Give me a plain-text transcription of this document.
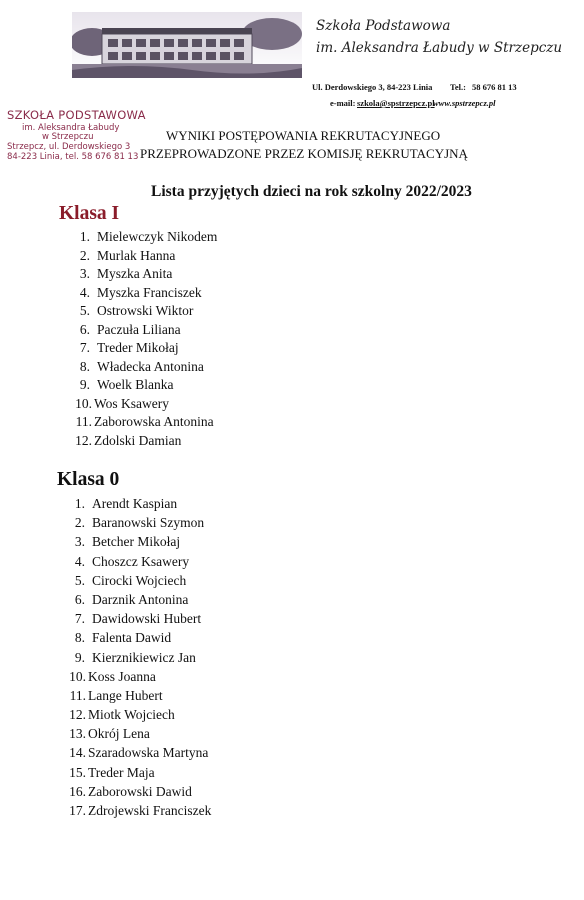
Szkoła Podstawowa
im. Aleksandra Łabudy w Strzepczu
Ul. Derdowskiego 3, 84-223 Linia Tel.: 58 676 81 13
e-mail: szkola@spstrzepcz.pl
www.spstrzepcz.pl
SZKOŁA PODSTAWOWA
im. Aleksandra Łabudy
w Strzepczu
Strzepcz, ul. Derdowskiego 3
84-223 Linia, tel. 58 676 81 13
WYNIKI POSTĘPOWANIA REKRUTACYJNEGO
PRZEPROWADZONE PRZEZ KOMISJĘ REKRUTACYJNĄ
Lista przyjętych dzieci na rok szkolny 2022/2023
Klasa I
1. Mielewczyk Nikodem
2. Murlak Hanna
3. Myszka Anita
4. Myszka Franciszek
5. Ostrowski Wiktor
6. Paczuła Liliana
7. Treder Mikołaj
8. Władecka Antonina
9. Woelk Blanka
10. Wos Ksawery
11. Zaborowska Antonina
12. Zdolski Damian
Klasa 0
1. Arendt Kaspian
2. Baranowski Szymon
3. Betcher Mikołaj
4. Choszcz Ksawery
5. Cirocki Wojciech
6. Darznik Antonina
7. Dawidowski Hubert
8. Falenta Dawid
9. Kierznikiewicz Jan
10. Koss Joanna
11. Lange Hubert
12. Miotk Wojciech
13. Okrój Lena
14. Szaradowska Martyna
15. Treder Maja
16. Zaborowski Dawid
17. Zdrojewski Franciszek
